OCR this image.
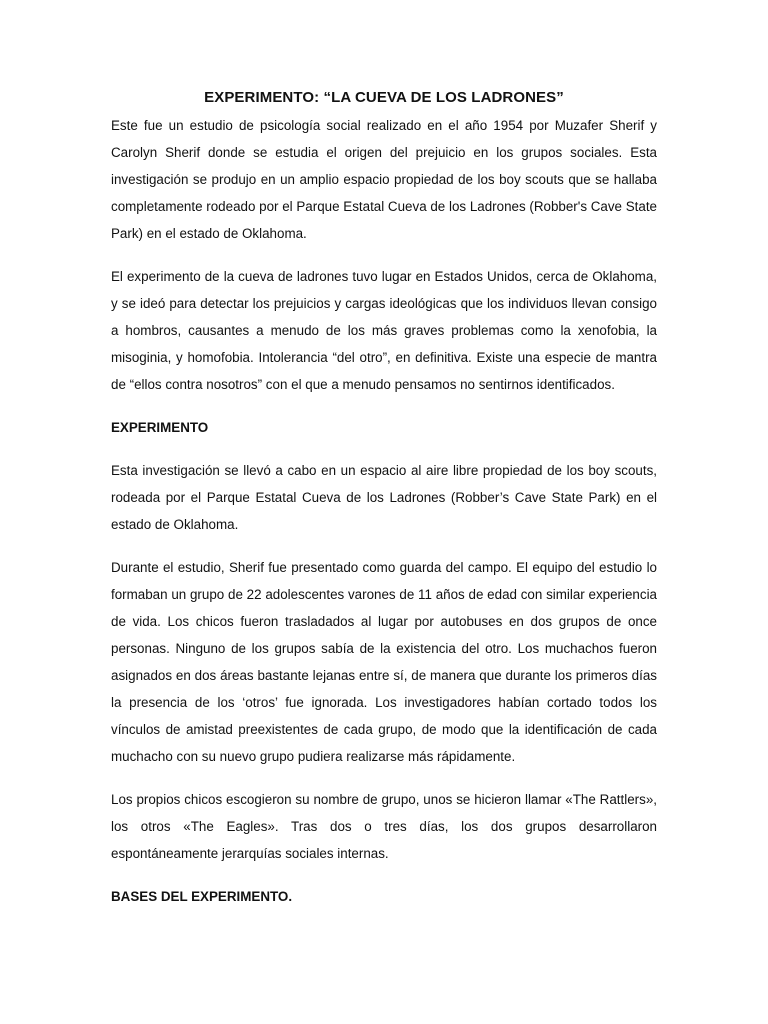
EXPERIMENTO: “LA CUEVA DE LOS LADRONES”

Este fue un estudio de psicología social realizado en el año 1954 por Muzafer Sherif y Carolyn Sherif donde se estudia el origen del prejuicio en los grupos sociales. Esta investigación se produjo en un amplio espacio propiedad de los boy scouts que se hallaba completamente rodeado por el Parque Estatal Cueva de los Ladrones (Robber's Cave State Park) en el estado de Oklahoma.

El experimento de la cueva de ladrones tuvo lugar en Estados Unidos, cerca de Oklahoma, y se ideó para detectar los prejuicios y cargas ideológicas que los individuos llevan consigo a hombros, causantes a menudo de los más graves problemas como la xenofobia, la misoginia, y homofobia. Intolerancia “del otro”, en definitiva. Existe una especie de mantra de “ellos contra nosotros” con el que a menudo pensamos no sentirnos identificados.

EXPERIMENTO

Esta investigación se llevó a cabo en un espacio al aire libre propiedad de los boy scouts, rodeada por el Parque Estatal Cueva de los Ladrones (Robber’s Cave State Park) en el estado de Oklahoma.

Durante el estudio, Sherif fue presentado como guarda del campo. El equipo del estudio lo formaban un grupo de 22 adolescentes varones de 11 años de edad con similar experiencia de vida. Los chicos fueron trasladados al lugar por autobuses en dos grupos de once personas. Ninguno de los grupos sabía de la existencia del otro. Los muchachos fueron asignados en dos áreas bastante lejanas entre sí, de manera que durante los primeros días la presencia de los ‘otros’ fue ignorada. Los investigadores habían cortado todos los vínculos de amistad preexistentes de cada grupo, de modo que la identificación de cada muchacho con su nuevo grupo pudiera realizarse más rápidamente.

Los propios chicos escogieron su nombre de grupo, unos se hicieron llamar «The Rattlers», los otros «The Eagles». Tras dos o tres días, los dos grupos desarrollaron espontáneamente jerarquías sociales internas.

BASES DEL EXPERIMENTO.
